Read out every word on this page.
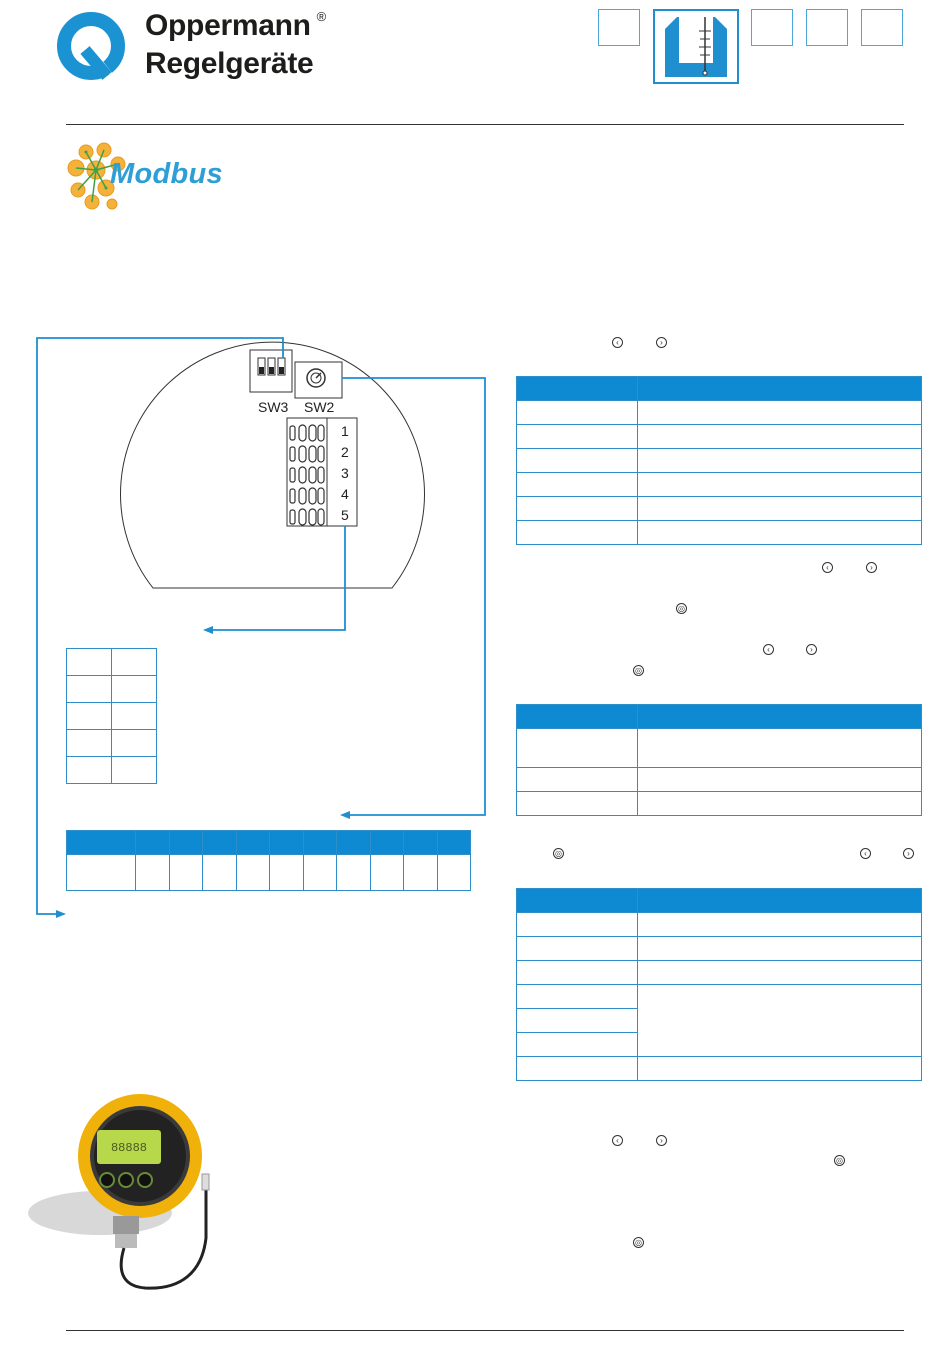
Oppermann ®
Regelgeräte
Modbus
SW3 SW2
1
2
3
4
5

88888
‹	›

‹	›
◎
‹	›
◎

◎	‹	›

‹	›
◎
◎
